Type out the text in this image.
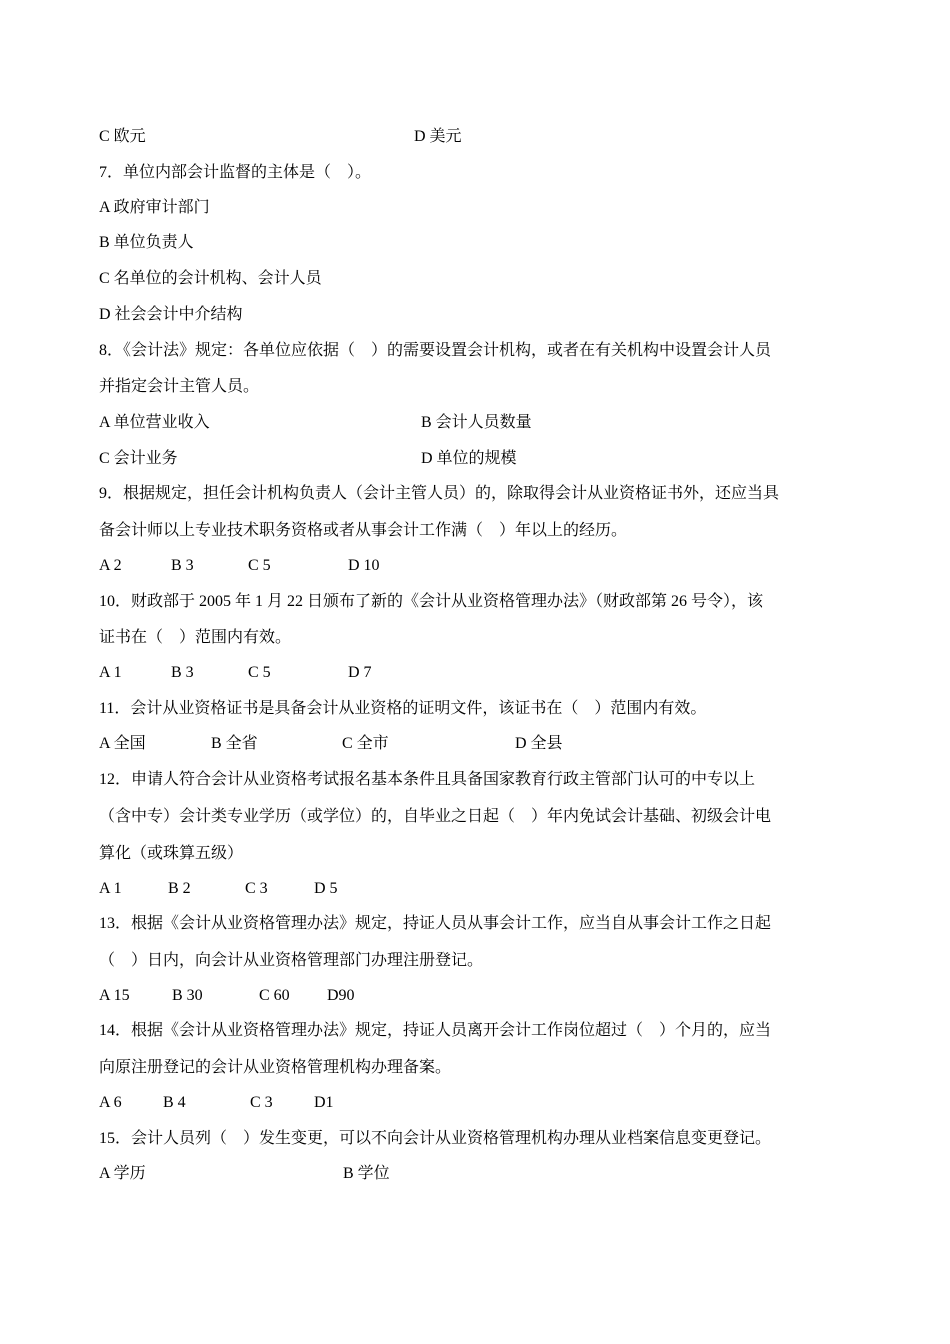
C 欧元	D 美元
7．单位内部会计监督的主体是（　）。
A 政府审计部门
B 单位负责人
C 名单位的会计机构、会计人员
D 社会会计中介结构
8．《会计法》规定：各单位应依据（　）的需要设置会计机构，或者在有关机构中设置会计人员
并指定会计主管人员。
A 单位营业收入	B 会计人员数量
C 会计业务	D 单位的规模
9．根据规定，担任会计机构负责人（会计主管人员）的，除取得会计从业资格证书外，还应当具
备会计师以上专业技术职务资格或者从事会计工作满（　）年以上的经历。
A 2	B 3	C 5	D 10
10．财政部于 2005 年 1 月 22 日颁布了新的《会计从业资格管理办法》（财政部第 26 号令），该
证书在（　）范围内有效。
A 1	B 3	C 5	D 7
11．会计从业资格证书是具备会计从业资格的证明文件，该证书在（　）范围内有效。
A 全国	B 全省	C 全市	D 全县
12．申请人符合会计从业资格考试报名基本条件且具备国家教育行政主管部门认可的中专以上
（含中专）会计类专业学历（或学位）的，自毕业之日起（　）年内免试会计基础、初级会计电
算化（或珠算五级）
A 1	B 2	C 3	D 5
13．根据《会计从业资格管理办法》规定，持证人员从事会计工作，应当自从事会计工作之日起
（　）日内，向会计从业资格管理部门办理注册登记。
A 15	B 30	C 60 D90
14．根据《会计从业资格管理办法》规定，持证人员离开会计工作岗位超过（　）个月的，应当
向原注册登记的会计从业资格管理机构办理备案。
A 6	B 4	C 3	D1
15．会计人员列（　）发生变更，可以不向会计从业资格管理机构办理从业档案信息变更登记。
A 学历	B 学位
